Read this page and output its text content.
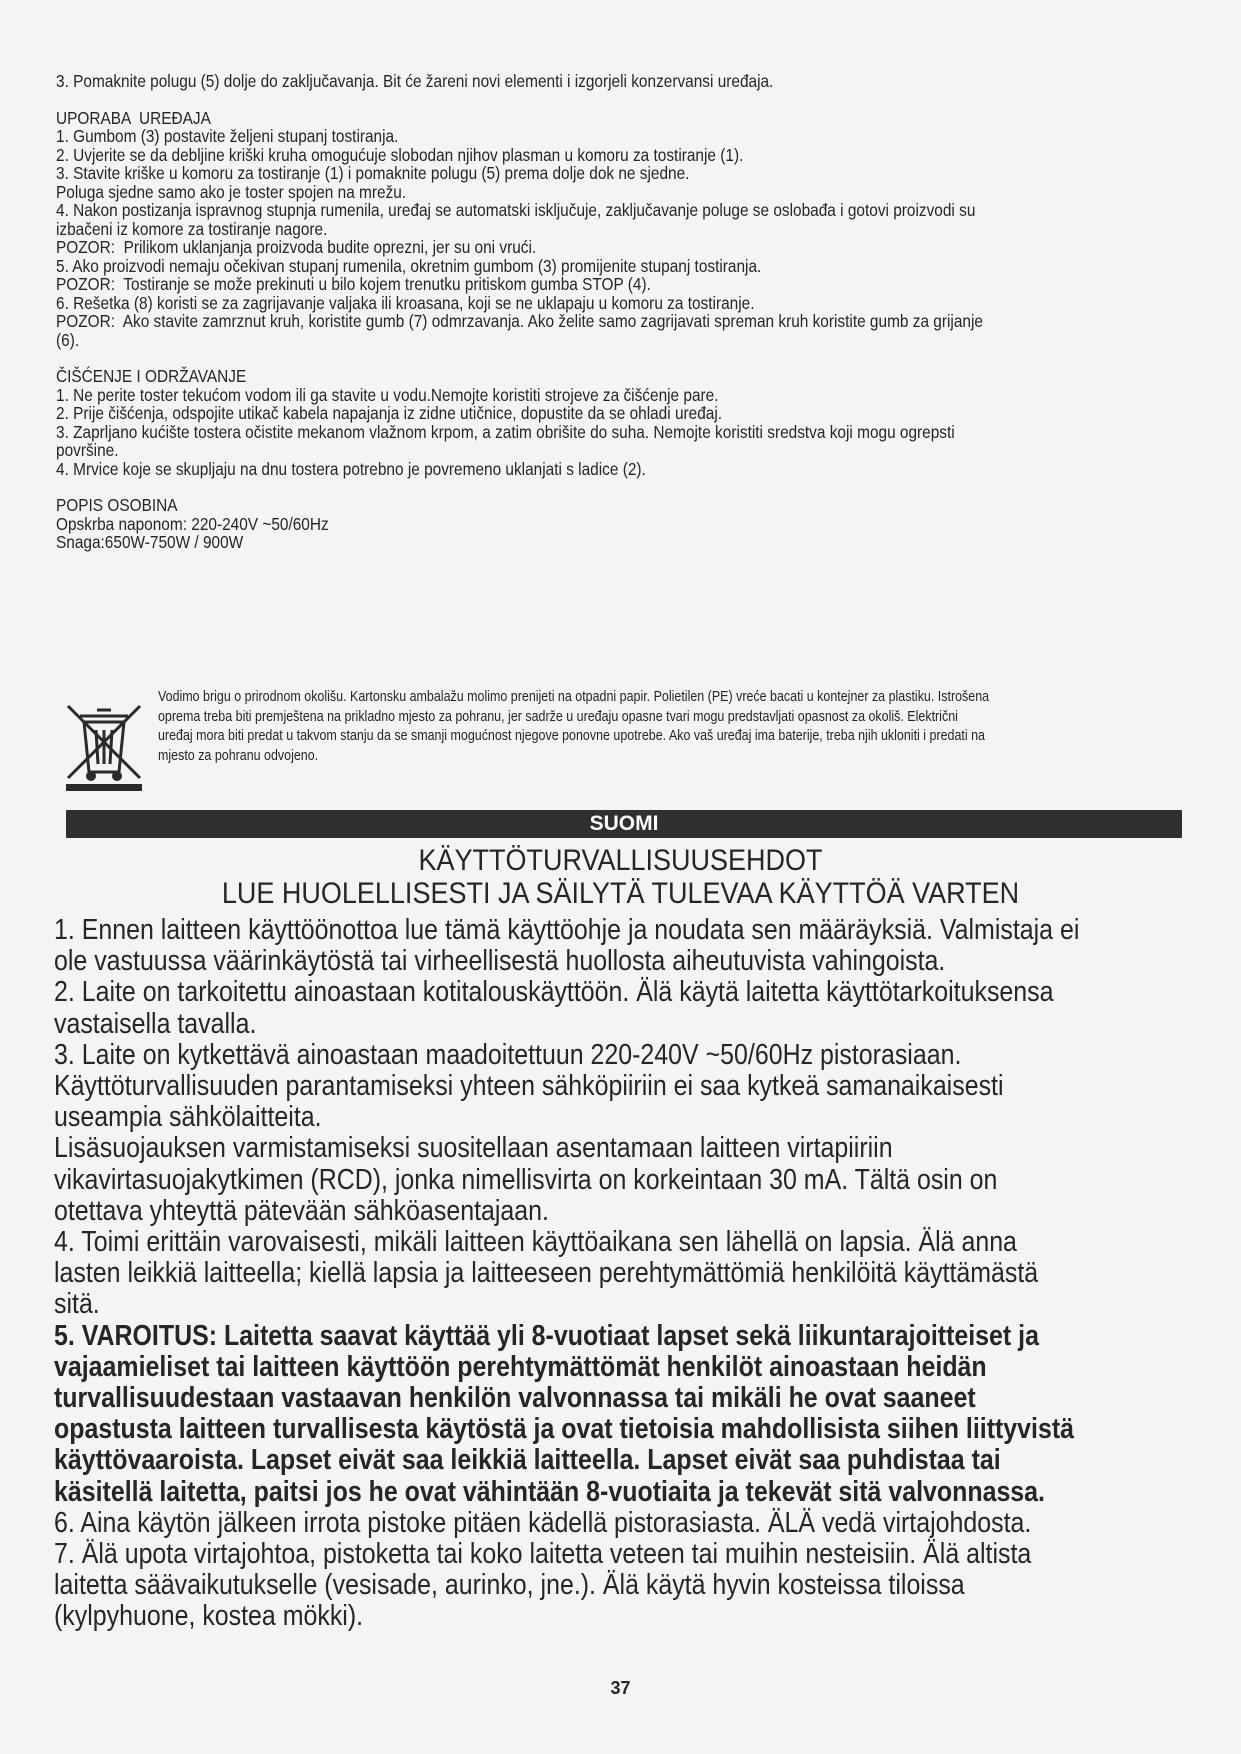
3. Pomaknite polugu (5) dolje do zaključavanja. Bit će žareni novi elementi i izgorjeli konzervansi uređaja.

UPORABA  UREĐAJA

1. Gumbom (3) postavite željeni stupanj tostiranja.

2. Uvjerite se da debljine kriški kruha omogućuje slobodan njihov plasman u komoru za tostiranje (1).

3. Stavite kriške u komoru za tostiranje (1) i pomaknite polugu (5) prema dolje dok ne sjedne.

Poluga sjedne samo ako je toster spojen na mrežu.

4. Nakon postizanja ispravnog stupnja rumenila, uređaj se automatski isključuje, zaključavanje poluge se oslobađa i gotovi proizvodi su

izbačeni iz komore za tostiranje nagore.

POZOR:  Prilikom uklanjanja proizvoda budite oprezni, jer su oni vrući.

5. Ako proizvodi nemaju očekivan stupanj rumenila, okretnim gumbom (3) promijenite stupanj tostiranja.

POZOR:  Tostiranje se može prekinuti u bilo kojem trenutku pritiskom gumba STOP (4).

6. Rešetka (8) koristi se za zagrijavanje valjaka ili kroasana, koji se ne uklapaju u komoru za tostiranje.

POZOR:  Ako stavite zamrznut kruh, koristite gumb (7) odmrzavanja. Ako želite samo zagrijavati spreman kruh koristite gumb za grijanje

(6).

ČIŠĆENJE I ODRŽAVANJE

1. Ne perite toster tekućom vodom ili ga stavite u vodu.Nemojte koristiti strojeve za čišćenje pare.

2. Prije čišćenja, odspojite utikač kabela napajanja iz zidne utičnice, dopustite da se ohladi uređaj.

3. Zaprljano kućište tostera očistite mekanom vlažnom krpom, a zatim obrišite do suha. Nemojte koristiti sredstva koji mogu ogrepsti

površine.

4. Mrvice koje se skupljaju na dnu tostera potrebno je povremeno uklanjati s ladice (2).

POPIS OSOBINA

Opskrba naponom: 220-240V ~50/60Hz

Snaga:650W-750W / 900W

Vodimo brigu o prirodnom okolišu. Kartonsku ambalažu molimo prenijeti na otpadni papir. Polietilen (PE) vreće bacati u kontejner za plastiku. Istrošena

oprema treba biti premještena na prikladno mjesto za pohranu, jer sadrže u uređaju opasne tvari mogu predstavljati opasnost za okoliš. Električni

uređaj mora biti predat u takvom stanju da se smanji mogućnost njegove ponovne upotrebe. Ako vaš uređaj ima baterije, treba njih ukloniti i predati na

mjesto za pohranu odvojeno.

SUOMI
KÄYTTÖTURVALLISUUSEHDOT
LUE HUOLELLISESTI JA SÄILYTÄ TULEVAA KÄYTTÖÄ VARTEN

1. Ennen laitteen käyttöönottoa lue tämä käyttöohje ja noudata sen määräyksiä. Valmistaja ei

ole vastuussa väärinkäytöstä tai virheellisestä huollosta aiheutuvista vahingoista.

2. Laite on tarkoitettu ainoastaan kotitalouskäyttöön. Älä käytä laitetta käyttötarkoituksensa

vastaisella tavalla.

3. Laite on kytkettävä ainoastaan maadoitettuun 220-240V ~50/60Hz pistorasiaan.

Käyttöturvallisuuden parantamiseksi yhteen sähköpiiriin ei saa kytkeä samanaikaisesti

useampia sähkölaitteita.

Lisäsuojauksen varmistamiseksi suositellaan asentamaan laitteen virtapiiriin

vikavirtasuojakytkimen (RCD), jonka nimellisvirta on korkeintaan 30 mA. Tältä osin on

otettava yhteyttä pätevään sähköasentajaan.

4. Toimi erittäin varovaisesti, mikäli laitteen käyttöaikana sen lähellä on lapsia. Älä anna

lasten leikkiä laitteella; kiellä lapsia ja laitteeseen perehtymättömiä henkilöitä käyttämästä

sitä.

5. VAROITUS: Laitetta saavat käyttää yli 8-vuotiaat lapset sekä liikuntarajoitteiset ja

vajaamieliset tai laitteen käyttöön perehtymättömät henkilöt ainoastaan heidän

turvallisuudestaan vastaavan henkilön valvonnassa tai mikäli he ovat saaneet

opastusta laitteen turvallisesta käytöstä ja ovat tietoisia mahdollisista siihen liittyvistä

käyttövaaroista. Lapset eivät saa leikkiä laitteella. Lapset eivät saa puhdistaa tai

käsitellä laitetta, paitsi jos he ovat vähintään 8-vuotiaita ja tekevät sitä valvonnassa.

6. Aina käytön jälkeen irrota pistoke pitäen kädellä pistorasiasta. ÄLÄ vedä virtajohdosta.

7. Älä upota virtajohtoa, pistoketta tai koko laitetta veteen tai muihin nesteisiin. Älä altista

laitetta säävaikutukselle (vesisade, aurinko, jne.). Älä käytä hyvin kosteissa tiloissa

(kylpyhuone, kostea mökki).

37
